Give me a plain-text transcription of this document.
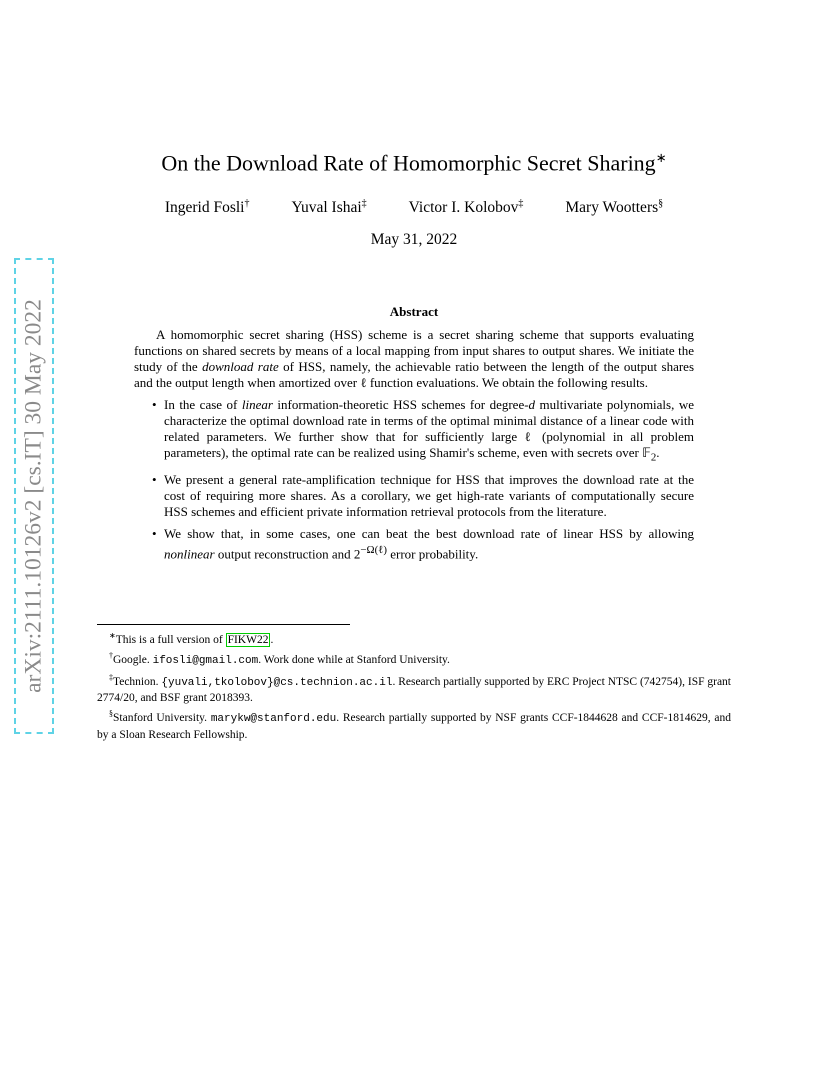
arXiv:2111.10126v2 [cs.IT] 30 May 2022
On the Download Rate of Homomorphic Secret Sharing∗
Ingerid Fosli†	Yuval Ishai‡	Victor I. Kolobov‡	Mary Wootters§
May 31, 2022
Abstract

A homomorphic secret sharing (HSS) scheme is a secret sharing scheme that supports evaluating functions on shared secrets by means of a local mapping from input shares to output shares. We initiate the study of the download rate of HSS, namely, the achievable ratio between the length of the output shares and the output length when amortized over ℓ function evaluations. We obtain the following results.

• In the case of linear information-theoretic HSS schemes for degree-d multivariate polynomials, we characterize the optimal download rate in terms of the optimal minimal distance of a linear code with related parameters. We further show that for sufficiently large ℓ (polynomial in all problem parameters), the optimal rate can be realized using Shamir's scheme, even with secrets over 𝔽$_2$.
• We present a general rate-amplification technique for HSS that improves the download rate at the cost of requiring more shares. As a corollary, we get high-rate variants of computationally secure HSS schemes and efficient private information retrieval protocols from the literature.
• We show that, in some cases, one can beat the best download rate of linear HSS by allowing nonlinear output reconstruction and $2^{-\Omega(\ell)}$ error probability.

∗This is a full version of FIKW22 .

†Google. ifosli@gmail.com. Work done while at Stanford University.

‡Technion. {yuvali,tkolobov}@cs.technion.ac.il. Research partially supported by ERC Project NTSC (742754), ISF grant 2774/20, and BSF grant 2018393.

§Stanford University. marykw@stanford.edu. Research partially supported by NSF grants CCF-1844628 and CCF-1814629, and by a Sloan Research Fellowship.
